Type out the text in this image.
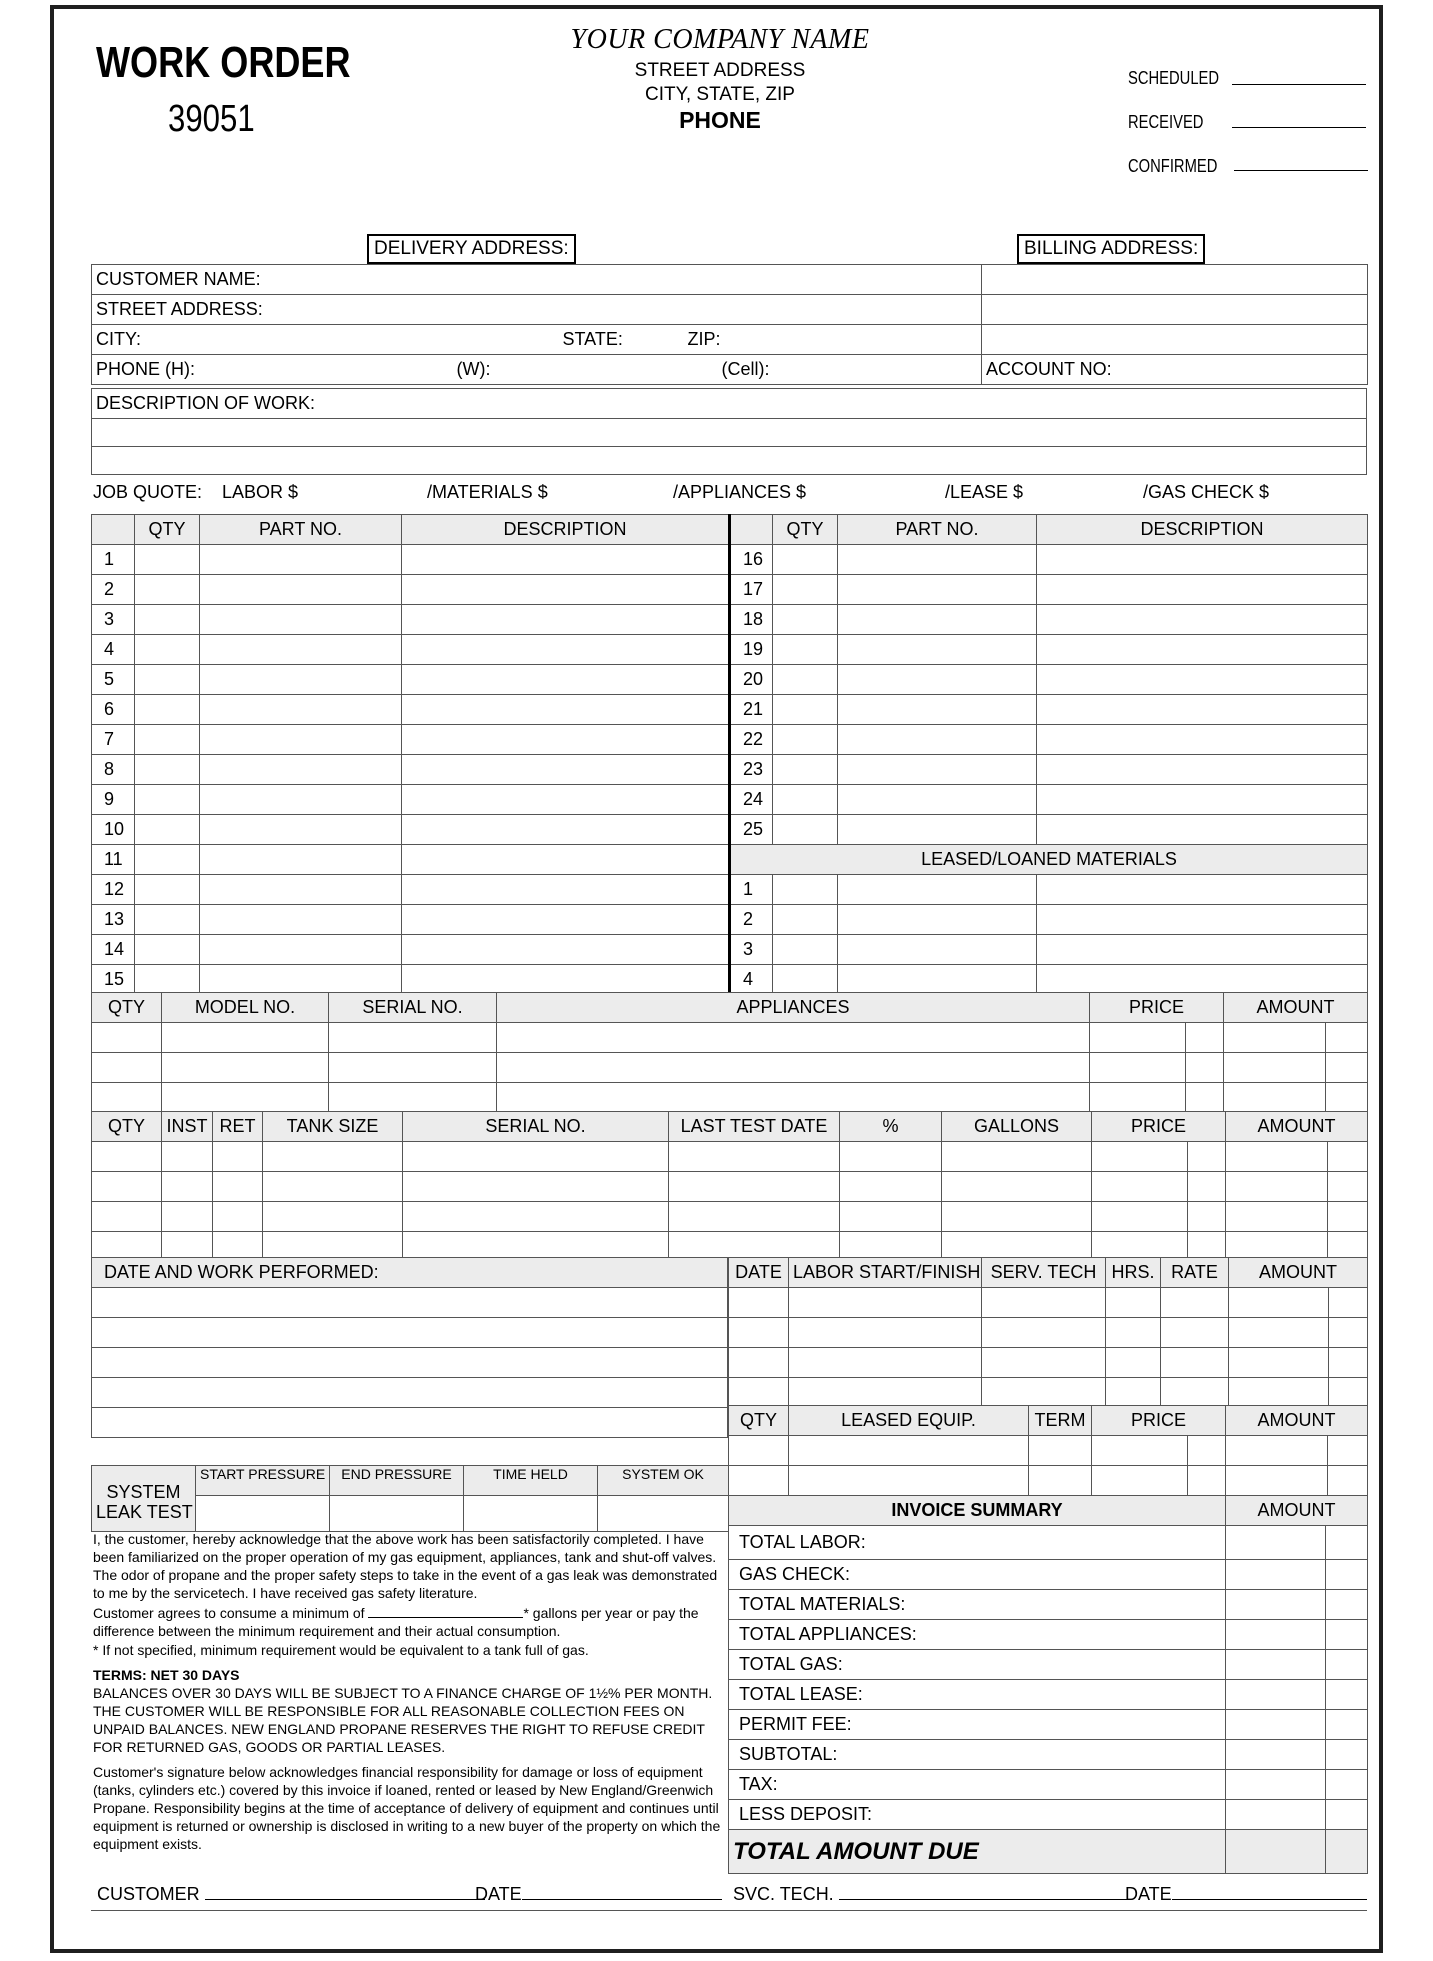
WORK ORDER
39051
YOUR COMPANY NAME
STREET ADDRESS
CITY, STATE, ZIP
PHONE
SCHEDULED
RECEIVED
CONFIRMED
DELIVERY ADDRESS:	BILLING ADDRESS:
CUSTOMER NAME:		
STREET ADDRESS:		
CITY: STATE: ZIP:		

PHONE (H): (W): (Cell):		ACCOUNT NO:
DESCRIPTION OF WORK:

JOB QUOTE: LABOR $	/MATERIALS $	/APPLIANCES $	/LEASE $	/GAS CHECK $
	QTY	PART NO.	DESCRIPTION		QTY	PART NO.	DESCRIPTION
1				16			
2				17			
3				18			
4				19			
5				20			
6				21			
7				22			
8				23			
9				24			
10				25			
11				LEASED/LOANED MATERIALS			
12				1			
13				2			
14				3			
15				4			
QTY	MODEL NO.	SERIAL NO.	APPLIANCES	PRICE		AMOUNT	

QTY	INST	RET	TANK SIZE	SERIAL NO.	LAST TEST DATE	%	GALLONS	PRICE		AMOUNT	

DATE AND WORK PERFORMED:	DATE	LABOR START/FINISH	SERV. TECH	HRS.	RATE	AMOUNT	

QTY	LEASED EQUIP.	TERM	PRICE		AMOUNT	

SYSTEM
LEAK TEST	START PRESSURE	END PRESSURE	TIME HELD	SYSTEM OK

INVOICE SUMMARY	AMOUNT	
TOTAL LABOR:		
GAS CHECK:		
TOTAL MATERIALS:		
TOTAL APPLIANCES:		
TOTAL GAS:		
TOTAL LEASE:		
PERMIT FEE:		
SUBTOTAL:		
TAX:		
LESS DEPOSIT:		
TOTAL AMOUNT DUE		
I, the customer, hereby acknowledge that the above work has been satisfactorily completed. I have been familiarized on the proper operation of my gas equipment, appliances, tank and shut-off valves. The odor of propane and the proper safety steps to take in the event of a gas leak was demonstrated to me by the servicetech. I have received gas safety literature.
Customer agrees to consume a minimum of	* gallons per year or pay the difference between the minimum requirement and their actual consumption.
* If not specified, minimum requirement would be equivalent to a tank full of gas.
TERMS: NET 30 DAYS
BALANCES OVER 30 DAYS WILL BE SUBJECT TO A FINANCE CHARGE OF 1½% PER MONTH. THE CUSTOMER WILL BE RESPONSIBLE FOR ALL REASONABLE COLLECTION FEES ON UNPAID BALANCES. NEW ENGLAND PROPANE RESERVES THE RIGHT TO REFUSE CREDIT FOR RETURNED GAS, GOODS OR PARTIAL LEASES.
Customer's signature below acknowledges financial responsibility for damage or loss of equipment (tanks, cylinders etc.) covered by this invoice if loaned, rented or leased by New England/Greenwich Propane. Responsibility begins at the time of acceptance of delivery of equipment and continues until equipment is returned or ownership is disclosed in writing to a new buyer of the property on which the equipment exists.
CUSTOMER	DATE	SVC. TECH.	DATE
